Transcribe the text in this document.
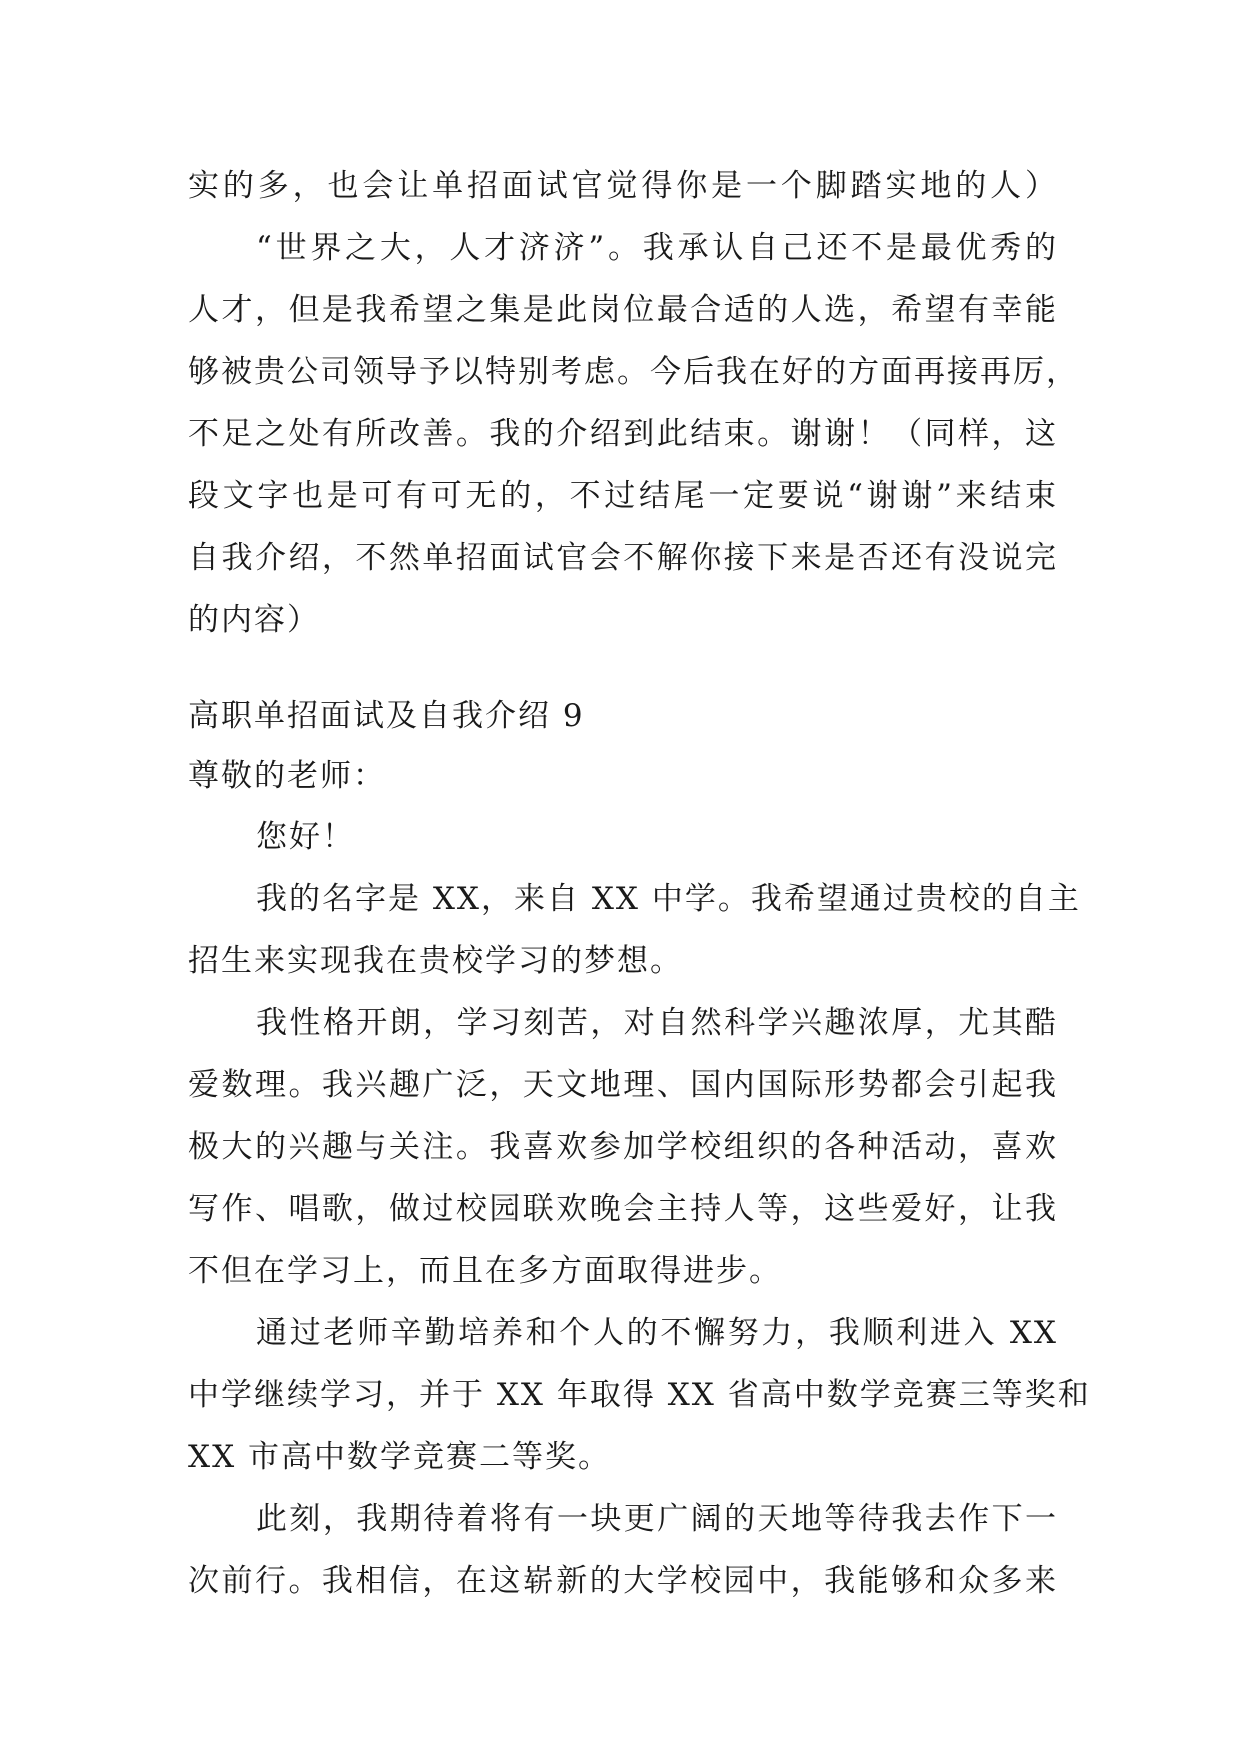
实的多，也会让单招面试官觉得你是一个脚踏实地的人）
“世界之大，人才济济”。我承认自己还不是最优秀的
人才，但是我希望之集是此岗位最合适的人选，希望有幸能
够被贵公司领导予以特别考虑。今后我在好的方面再接再厉，
不足之处有所改善。我的介绍到此结束。谢谢！（同样，这
段文字也是可有可无的，不过结尾一定要说“谢谢”来结束
自我介绍，不然单招面试官会不解你接下来是否还有没说完
的内容）
高职单招面试及自我介绍 9
尊敬的老师：
您好！
我的名字是 XX，来自 XX 中学。我希望通过贵校的自主
招生来实现我在贵校学习的梦想。
我性格开朗，学习刻苦，对自然科学兴趣浓厚，尤其酷
爱数理。我兴趣广泛，天文地理、国内国际形势都会引起我
极大的兴趣与关注。我喜欢参加学校组织的各种活动，喜欢
写作、唱歌，做过校园联欢晚会主持人等，这些爱好，让我
不但在学习上，而且在多方面取得进步。
通过老师辛勤培养和个人的不懈努力，我顺利进入 XX
中学继续学习，并于 XX 年取得 XX 省高中数学竞赛三等奖和
XX 市高中数学竞赛二等奖。
此刻，我期待着将有一块更广阔的天地等待我去作下一
次前行。我相信，在这崭新的大学校园中，我能够和众多来
